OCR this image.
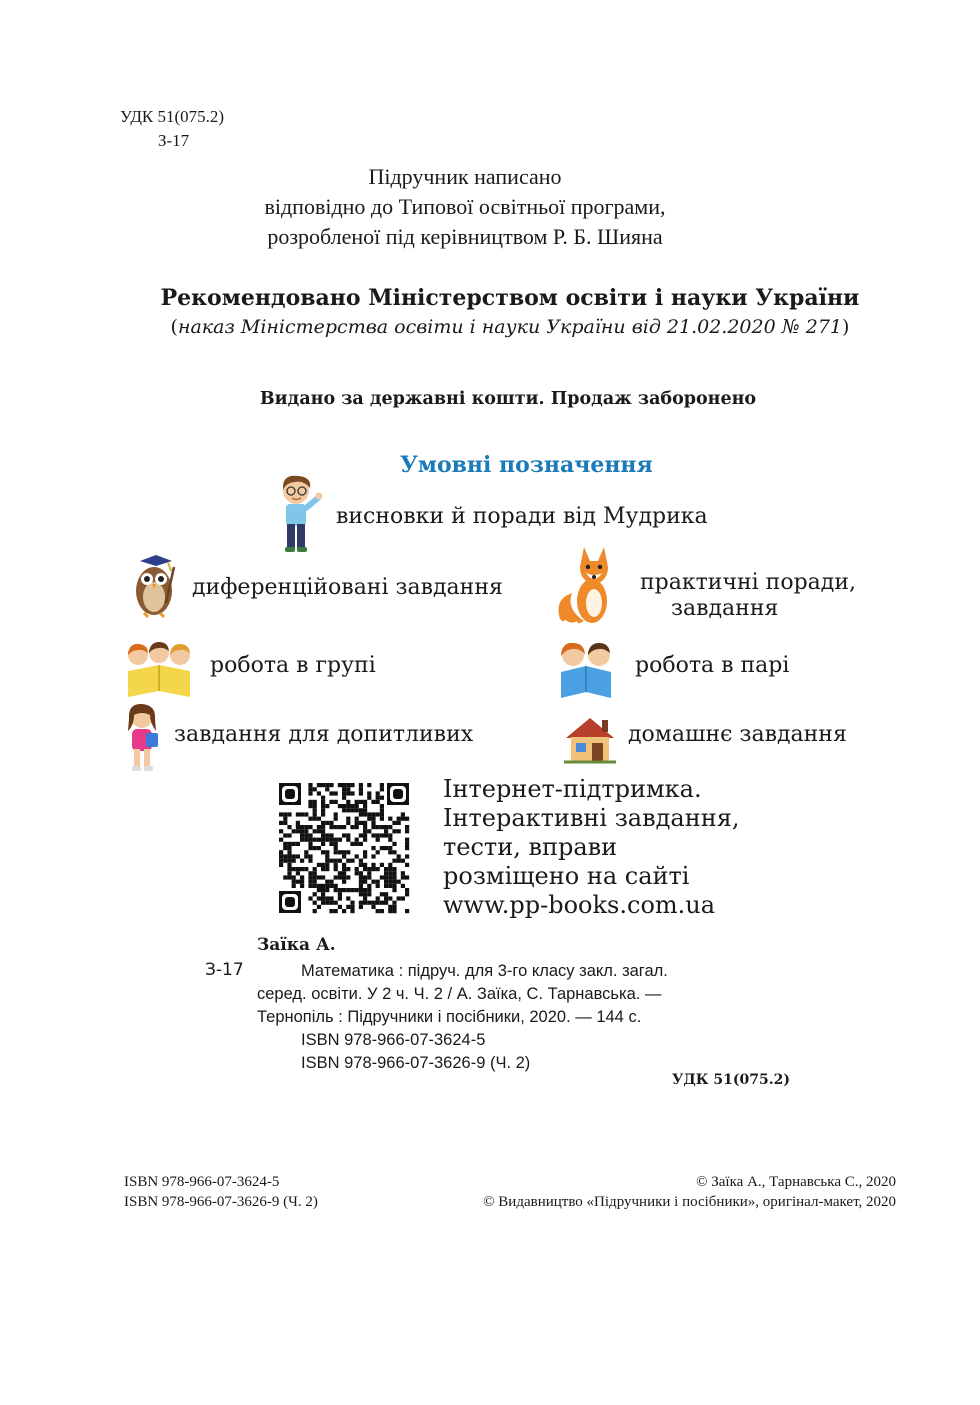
УДК 51(075.2)
З-17
Підручник написано
відповідно до Типової освітньої програми,
розробленої під керівництвом Р. Б. Шияна
Рекомендовано Міністерством освіти і науки України
(наказ Міністерства освіти і науки України від 21.02.2020 № 271)
Видано за державні кошти. Продаж заборонено
Умовні позначення
висновки й поради від Мудрика
диференційовані завдання	практичні поради,
завдання
робота в групі	робота в парі
завдання для допитливих	домашнє завдання
Інтернет-підтримка.
Інтерактивні завдання,
тести, вправи
розміщено на сайті
www.pp-books.com.ua
Заїка А.
З-17	Математика : підруч. для 3-го класу закл. загал.
серед. освіти. У 2 ч. Ч. 2 / А. Заїка, С. Тарнавська. —
Тернопіль : Підручники і посібники, 2020. — 144 с.
ISBN 978-966-07-3624-5
ISBN 978-966-07-3626-9 (Ч. 2)
УДК 51(075.2)
ISBN 978-966-07-3624-5
ISBN 978-966-07-3626-9 (Ч. 2)
© Заїка А., Тарнавська С., 2020
© Видавництво «Підручники і посібники», оригінал-макет, 2020
